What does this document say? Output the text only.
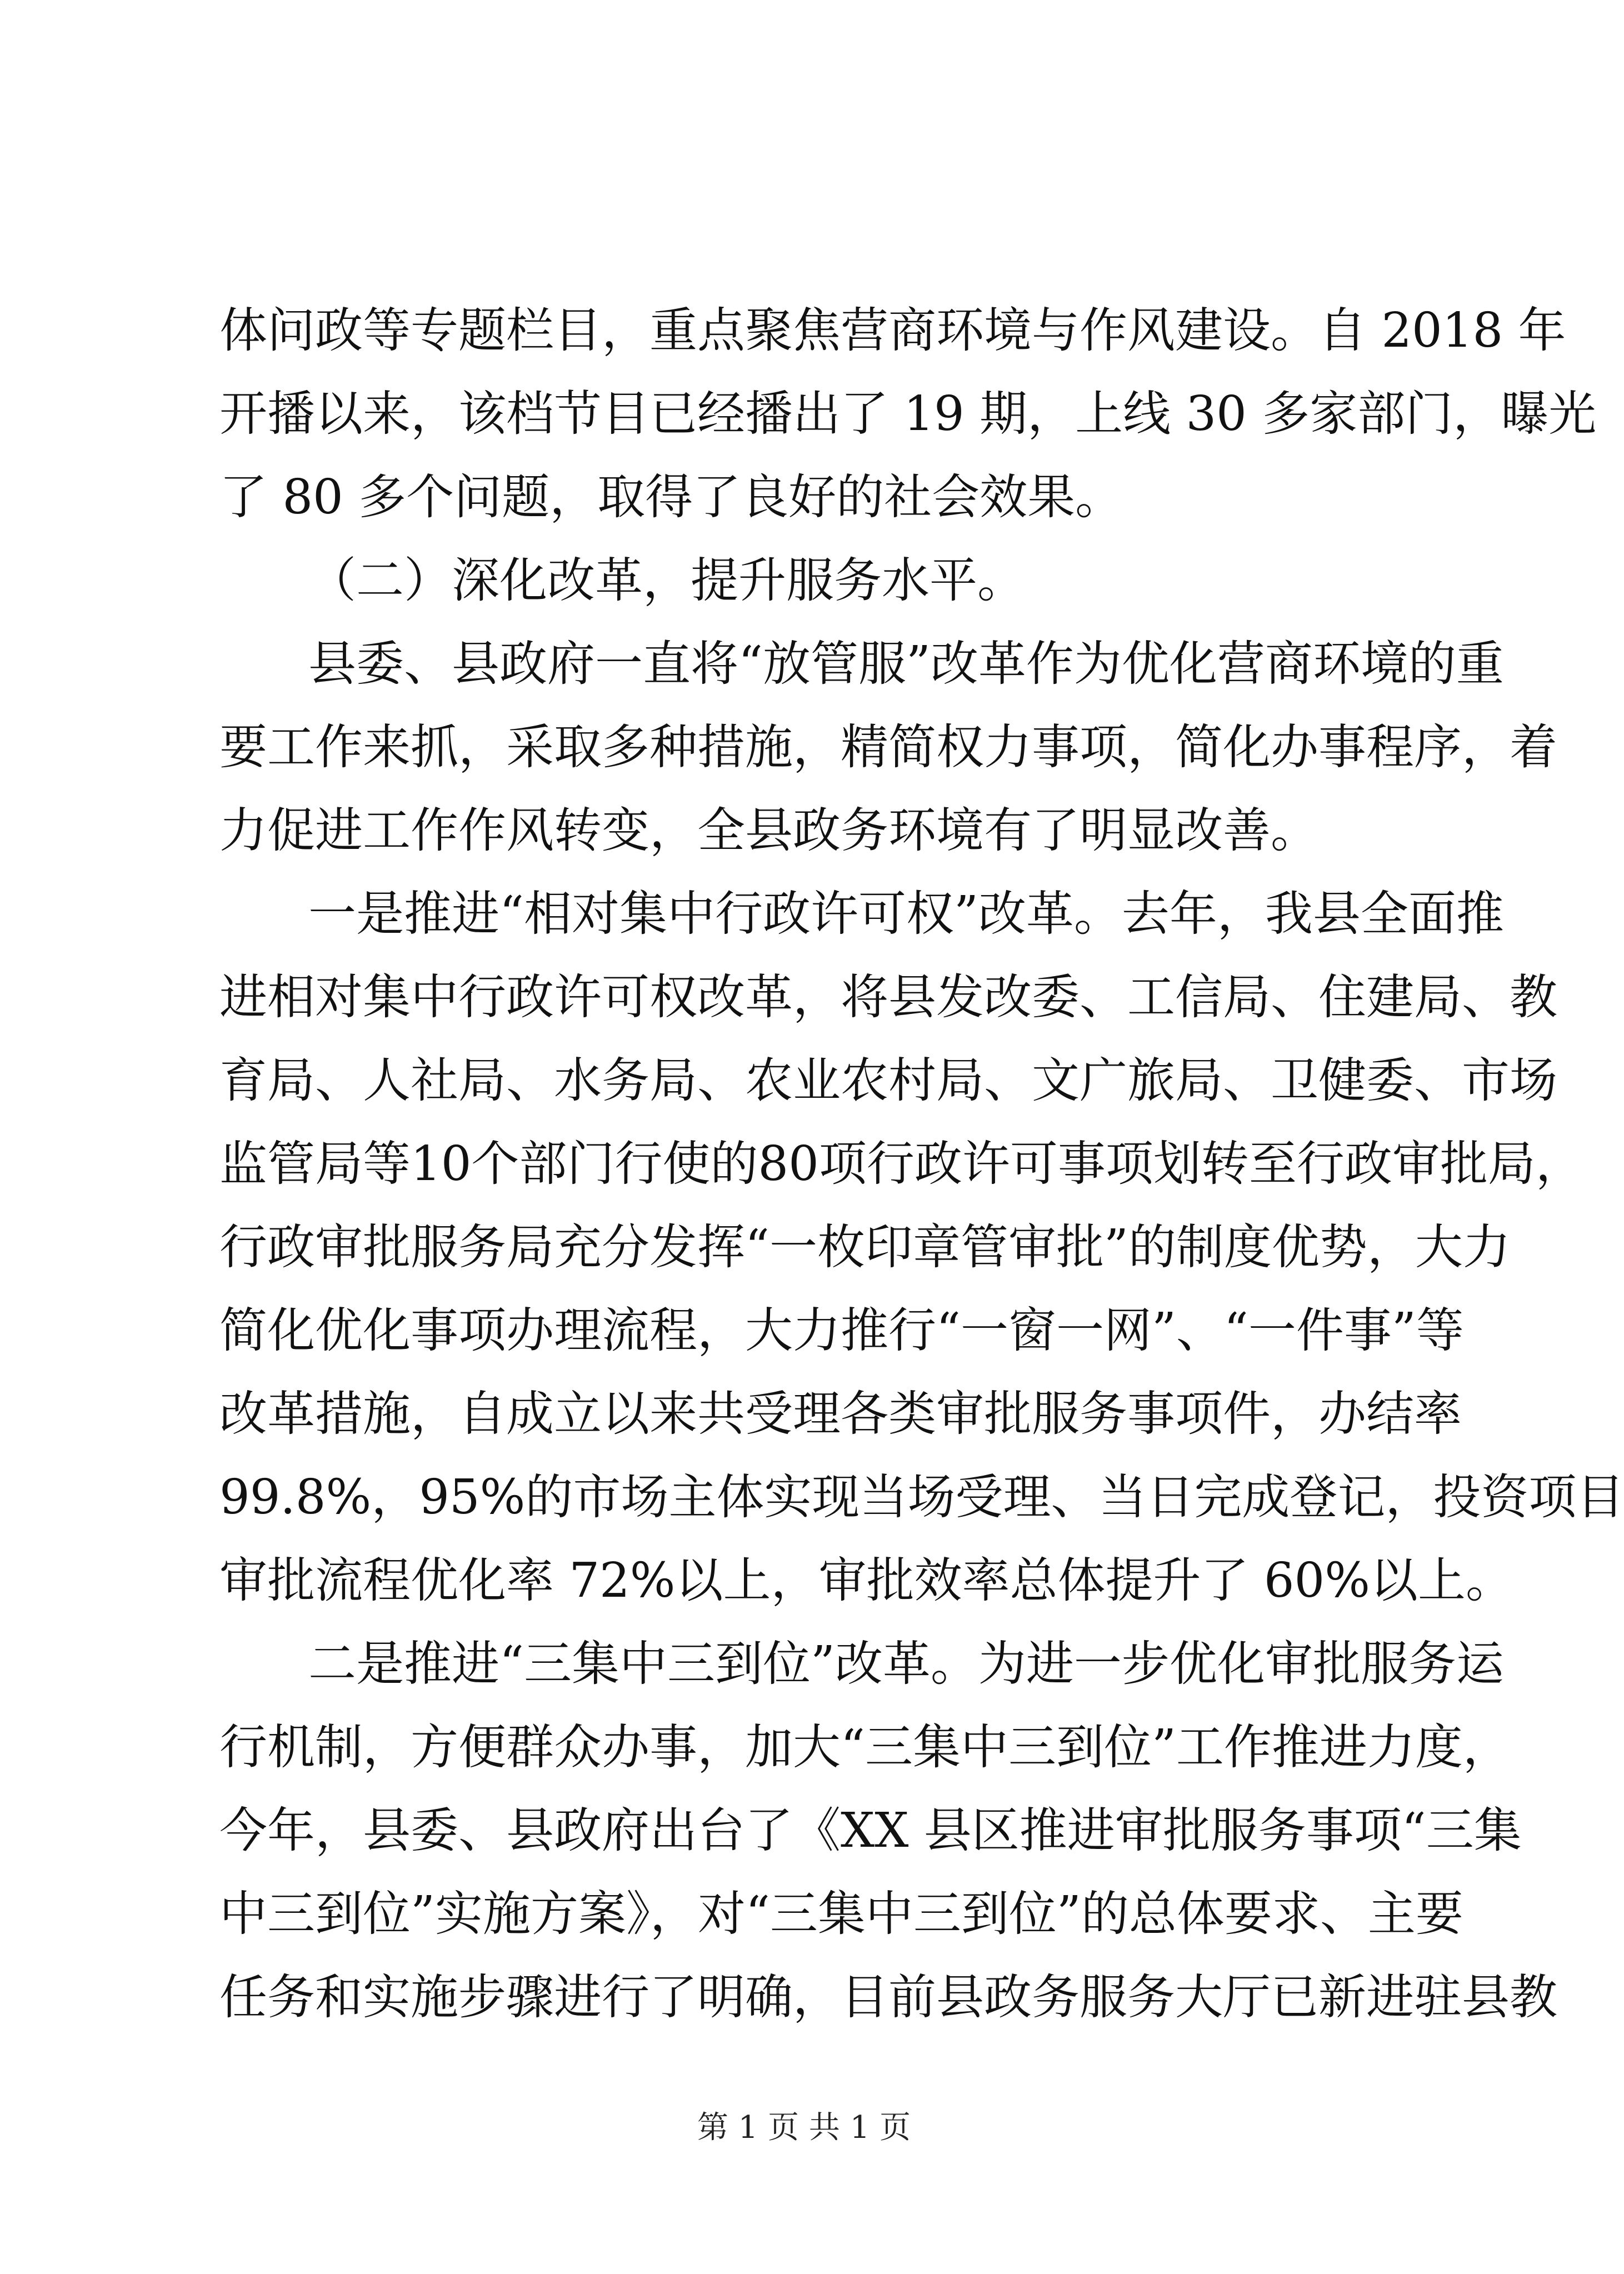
体问政等专题栏目，重点聚焦营商环境与作风建设。自 2018 年
开播以来，该档节目已经播出了 19 期，上线 30 多家部门，曝光
了 80 多个问题，取得了良好的社会效果。
（二）深化改革，提升服务水平。
县委、县政府一直将“放管服”改革作为优化营商环境的重
要工作来抓，采取多种措施，精简权力事项，简化办事程序，着
力促进工作作风转变，全县政务环境有了明显改善。
一是推进“相对集中行政许可权”改革。去年，我县全面推
进相对集中行政许可权改革，将县发改委、工信局、住建局、教
育局、人社局、水务局、农业农村局、文广旅局、卫健委、市场
监管局等10个部门行使的80项行政许可事项划转至行政审批局，
行政审批服务局充分发挥“一枚印章管审批”的制度优势，大力
简化优化事项办理流程，大力推行“一窗一网”、“一件事”等
改革措施，自成立以来共受理各类审批服务事项件，办结率
99.8%，95%的市场主体实现当场受理、当日完成登记，投资项目
审批流程优化率 72%以上，审批效率总体提升了 60%以上。
二是推进“三集中三到位”改革。为进一步优化审批服务运
行机制，方便群众办事，加大“三集中三到位”工作推进力度，
今年，县委、县政府出台了《XX 县区推进审批服务事项“三集
中三到位”实施方案》，对“三集中三到位”的总体要求、主要
任务和实施步骤进行了明确，目前县政务服务大厅已新进驻县教
第 1 页 共 1 页
